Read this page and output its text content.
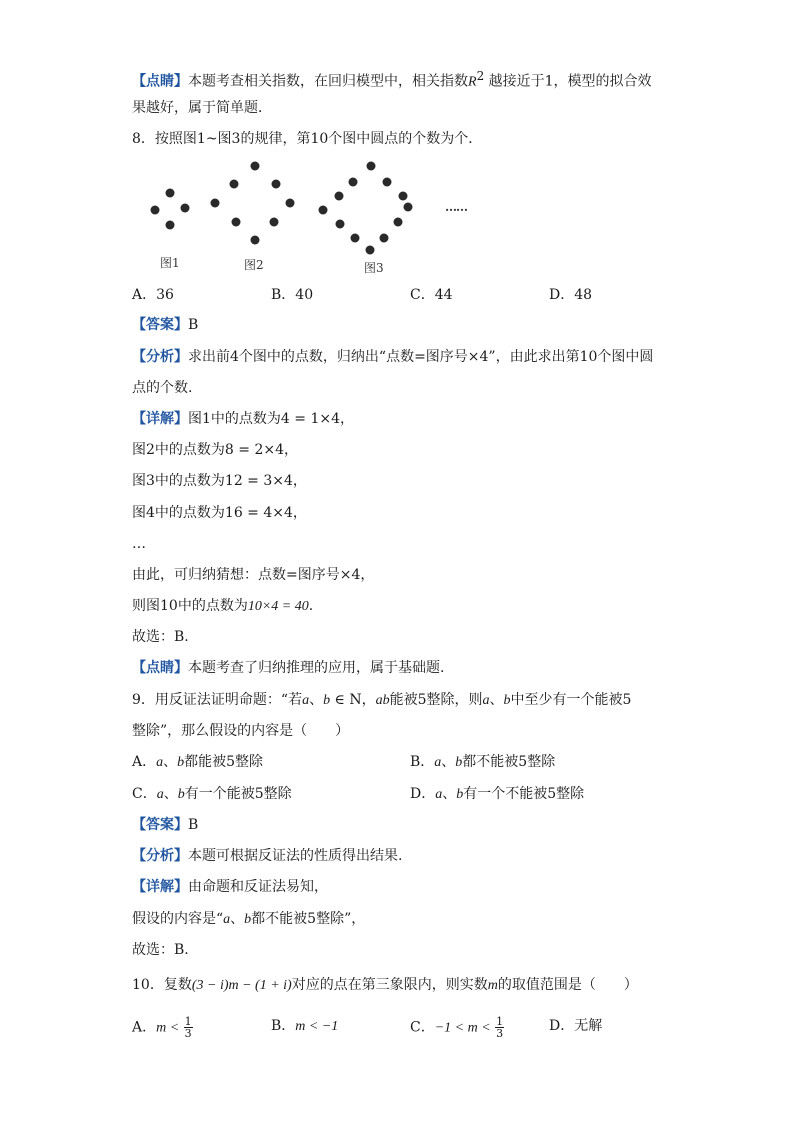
【点睛】本题考查相关指数，在回归模型中，相关指数$R^2$ 越接近于1，模型的拟合效
果越好，属于简单题．
8．按照图1~图3的规律，第10个图中圆点的个数为个．
图1	图2	图3
……
A．36	B．40	C．44	D．48
【答案】B
【分析】求出前4个图中的点数，归纳出“点数=图序号×4”，由此求出第10个图中圆
点的个数.
【详解】图1中的点数为4 = 1×4，
图2中的点数为8 = 2×4，
图3中的点数为12 = 3×4，
图4中的点数为16 = 4×4，
…
由此，可归纳猜想：点数=图序号×4，
则图10中的点数为10×4 = 40.
故选：B.
【点睛】本题考查了归纳推理的应用，属于基础题.
9．用反证法证明命题：“若a、b ∈ N，ab能被5整除，则a、b中至少有一个能被5
整除”，那么假设的内容是（　　）
A．a、b都能被5整除	B．a、b都不能被5整除
C．a、b有一个能被5整除	D．a、b有一个不能被5整除
【答案】B
【分析】本题可根据反证法的性质得出结果.
【详解】由命题和反证法易知，
假设的内容是“a、b都不能被5整除”，
故选：B.
10．复数(3 − i)m − (1 + i)对应的点在第三象限内，则实数m的取值范围是（　　）
A．$m < \frac{1}{3}$	B．m < −1	C．$-1 < m < \frac{1}{3}$	D．无解
